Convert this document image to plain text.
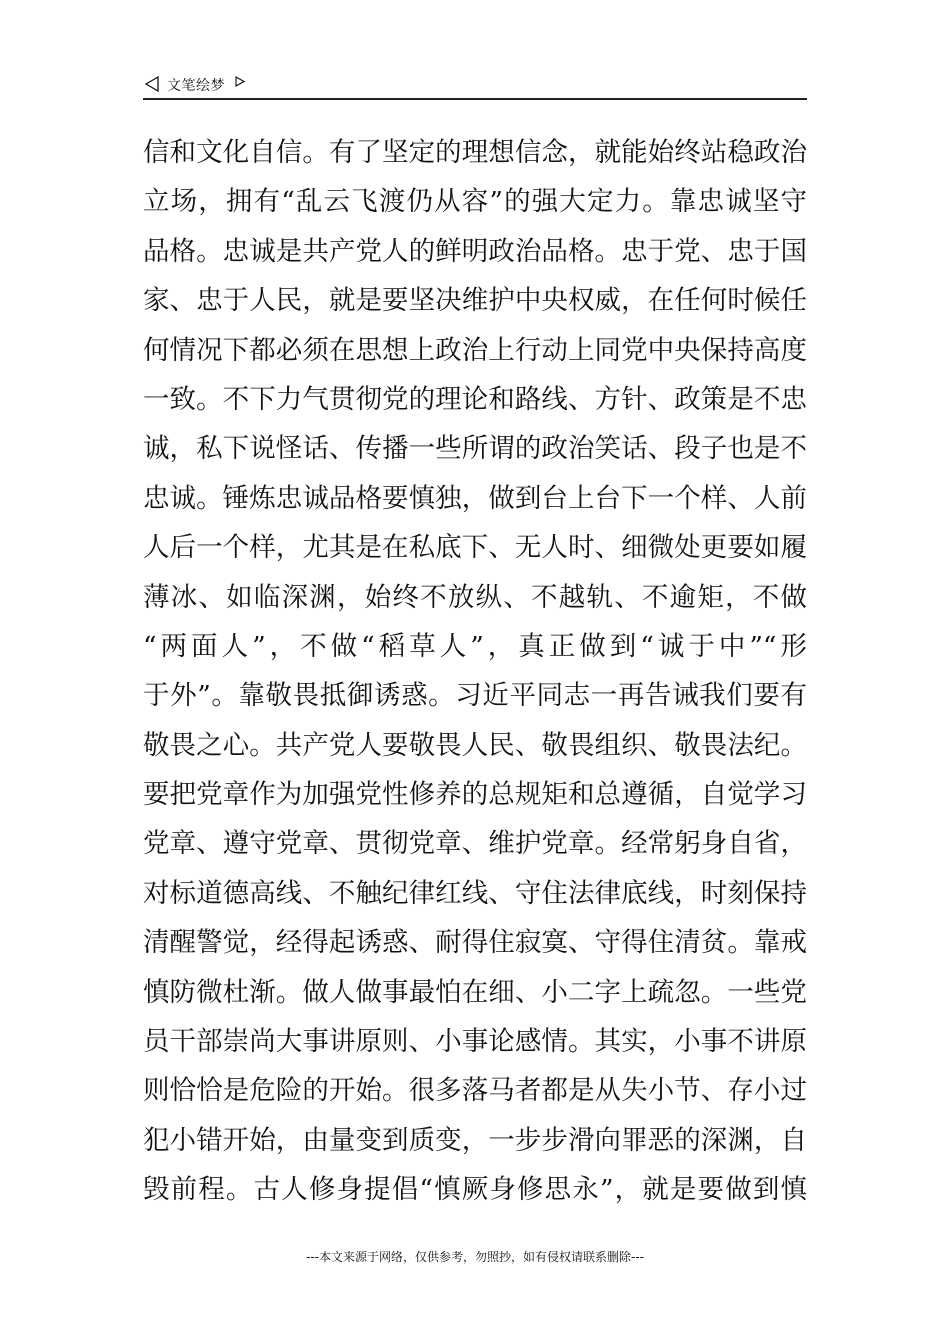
文笔绘梦
信和文化自信。有了坚定的理想信念，就能始终站稳政治
立场，拥有“乱云飞渡仍从容”的强大定力。靠忠诚坚守
品格。忠诚是共产党人的鲜明政治品格。忠于党、忠于国
家、忠于人民，就是要坚决维护中央权威，在任何时候任
何情况下都必须在思想上政治上行动上同党中央保持高度
一致。不下力气贯彻党的理论和路线、方针、政策是不忠
诚，私下说怪话、传播一些所谓的政治笑话、段子也是不
忠诚。锤炼忠诚品格要慎独，做到台上台下一个样、人前
人后一个样，尤其是在私底下、无人时、细微处更要如履
薄冰、如临深渊，始终不放纵、不越轨、不逾矩，不做
“两面人”，不做“稻草人”，真正做到“诚于中”“形
于外”。靠敬畏抵御诱惑。习近平同志一再告诫我们要有
敬畏之心。共产党人要敬畏人民、敬畏组织、敬畏法纪。
要把党章作为加强党性修养的总规矩和总遵循，自觉学习
党章、遵守党章、贯彻党章、维护党章。经常躬身自省，
对标道德高线、不触纪律红线、守住法律底线，时刻保持
清醒警觉，经得起诱惑、耐得住寂寞、守得住清贫。靠戒
慎防微杜渐。做人做事最怕在细、小二字上疏忽。一些党
员干部崇尚大事讲原则、小事论感情。其实，小事不讲原
则恰恰是危险的开始。很多落马者都是从失小节、存小过
犯小错开始，由量变到质变，一步步滑向罪恶的深渊，自
毁前程。古人修身提倡“慎厥身修思永”，就是要做到慎
---本文来源于网络，仅供参考，勿照抄，如有侵权请联系删除---
